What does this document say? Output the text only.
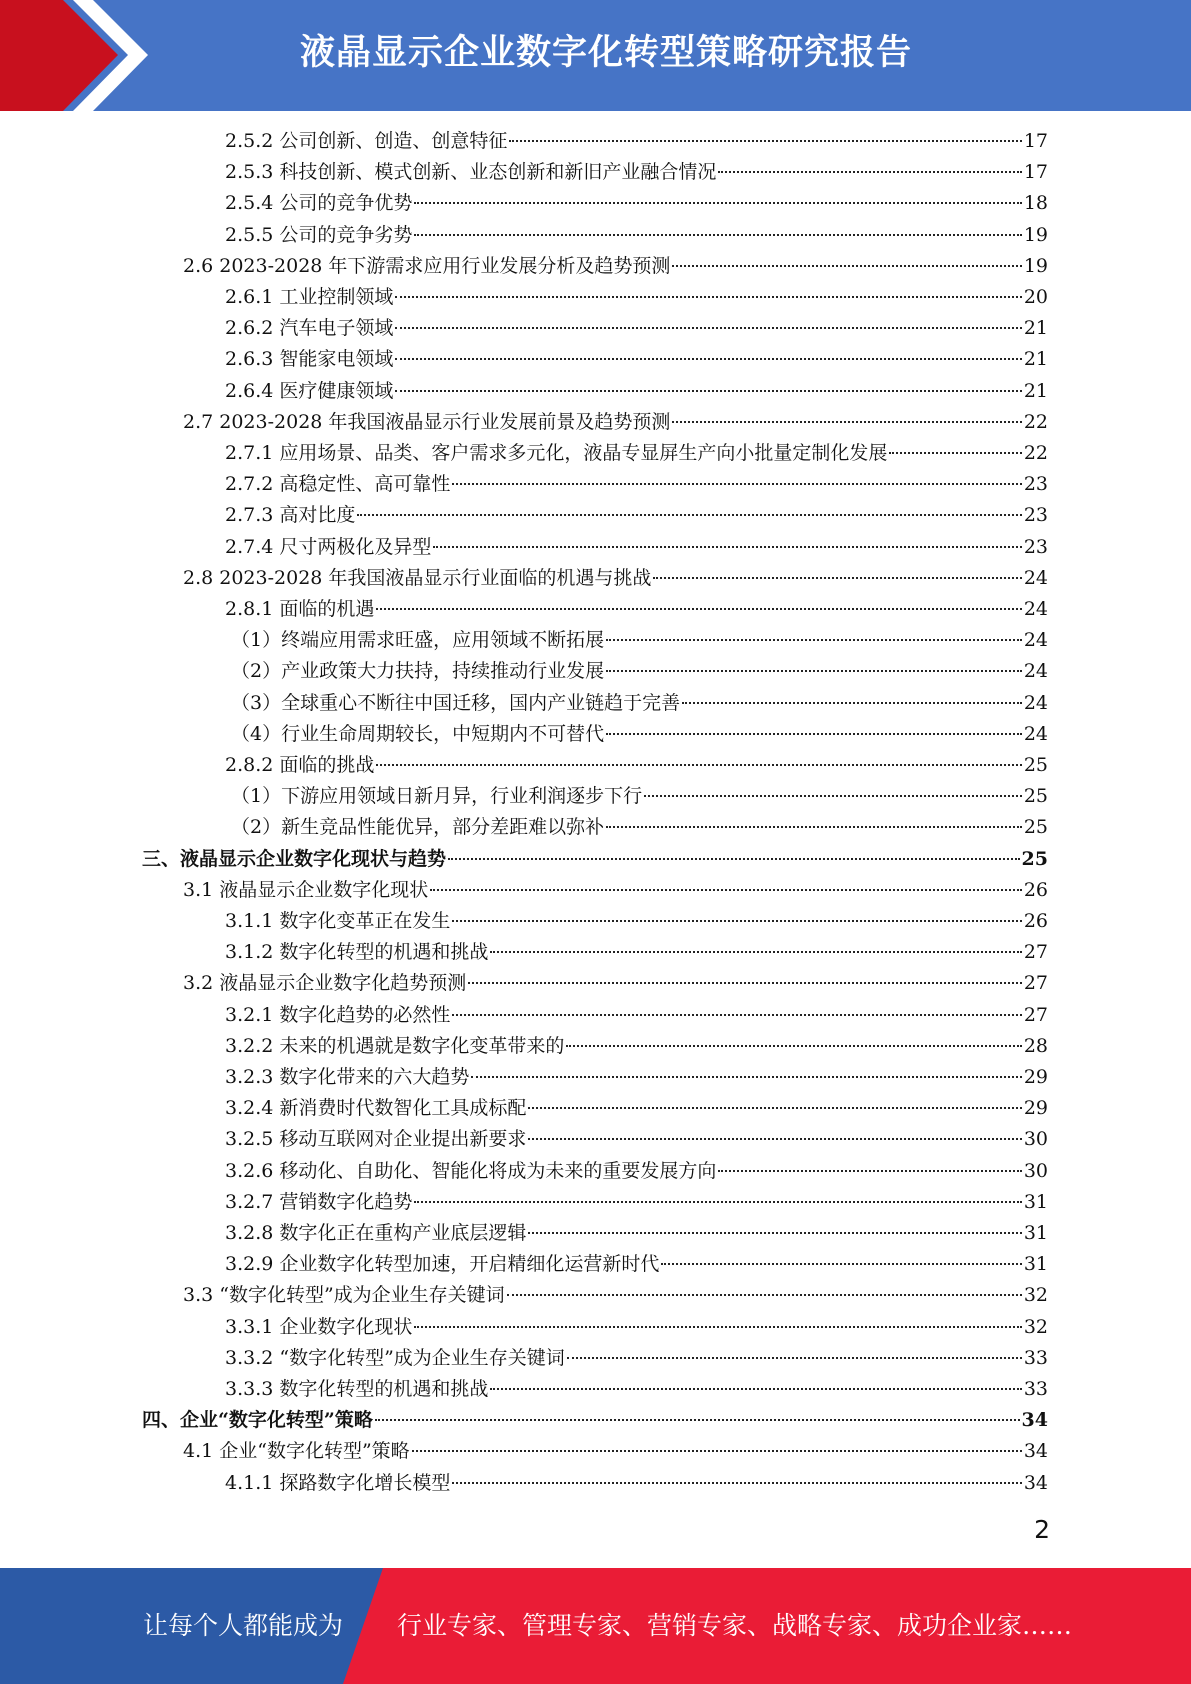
液晶显示企业数字化转型策略研究报告
2.5.2 公司创新、创造、创意特征	17
2.5.3 科技创新、模式创新、业态创新和新旧产业融合情况	17
2.5.4 公司的竞争优势	18
2.5.5 公司的竞争劣势	19
2.6 2023-2028 年下游需求应用行业发展分析及趋势预测	19
2.6.1 工业控制领域	20
2.6.2 汽车电子领域	21
2.6.3 智能家电领域	21
2.6.4 医疗健康领域	21
2.7 2023-2028 年我国液晶显示行业发展前景及趋势预测	22
2.7.1 应用场景、品类、客户需求多元化，液晶专显屏生产向小批量定制化发展	22
2.7.2 高稳定性、高可靠性	23
2.7.3 高对比度	23
2.7.4 尺寸两极化及异型	23
2.8 2023-2028 年我国液晶显示行业面临的机遇与挑战	24
2.8.1 面临的机遇	24
（1）终端应用需求旺盛，应用领域不断拓展	24
（2）产业政策大力扶持，持续推动行业发展	24
（3）全球重心不断往中国迁移，国内产业链趋于完善	24
（4）行业生命周期较长，中短期内不可替代	24
2.8.2 面临的挑战	25
（1）下游应用领域日新月异，行业利润逐步下行	25
（2）新生竞品性能优异，部分差距难以弥补	25
三、液晶显示企业数字化现状与趋势	25
3.1 液晶显示企业数字化现状	26
3.1.1 数字化变革正在发生	26
3.1.2 数字化转型的机遇和挑战	27
3.2 液晶显示企业数字化趋势预测	27
3.2.1 数字化趋势的必然性	27
3.2.2 未来的机遇就是数字化变革带来的	28
3.2.3 数字化带来的六大趋势	29
3.2.4 新消费时代数智化工具成标配	29
3.2.5 移动互联网对企业提出新要求	30
3.2.6 移动化、自助化、智能化将成为未来的重要发展方向	30
3.2.7 营销数字化趋势	31
3.2.8 数字化正在重构产业底层逻辑	31
3.2.9 企业数字化转型加速，开启精细化运营新时代	31
3.3 “数字化转型”成为企业生存关键词	32
3.3.1 企业数字化现状	32
3.3.2 “数字化转型”成为企业生存关键词	33
3.3.3 数字化转型的机遇和挑战	33
四、企业“数字化转型”策略	34
4.1 企业“数字化转型”策略	34
4.1.1 探路数字化增长模型	34
2
让每个人都能成为 行业专家、管理专家、营销专家、战略专家、成功企业家……
